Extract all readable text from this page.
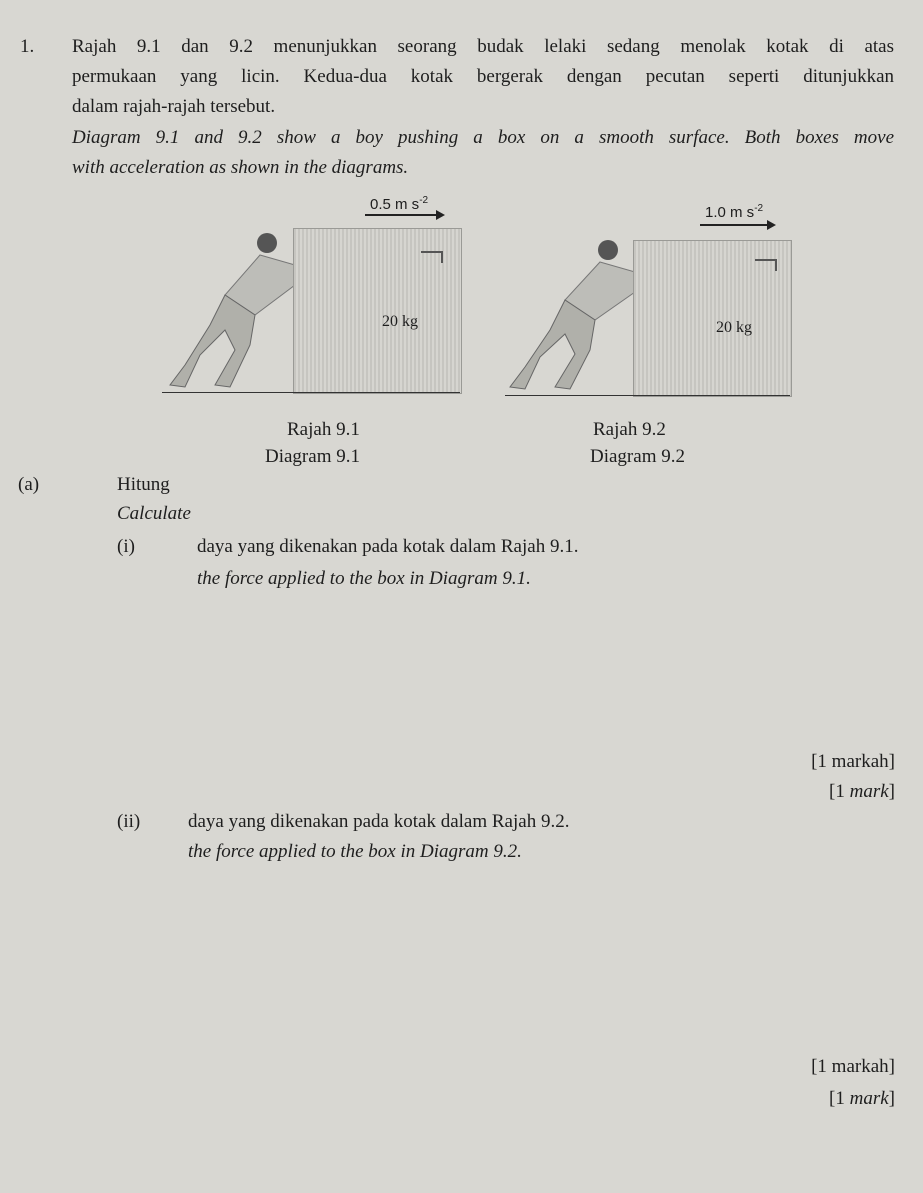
1. Rajah 9.1 dan 9.2 menunjukkan seorang budak lelaki sedang menolak kotak di atas
permukaan yang licin. Kedua-dua kotak bergerak dengan pecutan seperti ditunjukkan
dalam rajah-rajah tersebut.
Diagram 9.1 and 9.2 show a boy pushing a box on a smooth surface. Both boxes move
with acceleration as shown in the diagrams.
0.5 m $s^{-2}$
20 kg
Rajah 9.1
Diagram 9.1
1.0 m $s^{-2}$
20 kg
Rajah 9.2
Diagram 9.2
(a)	Hitung
Calculate
(i)	daya yang dikenakan pada kotak dalam Rajah 9.1.
the force applied to the box in Diagram 9.1.
[1 markah]
[1 mark]
(ii)	daya yang dikenakan pada kotak dalam Rajah 9.2.
the force applied to the box in Diagram 9.2.
[1 markah]
[1 mark]
